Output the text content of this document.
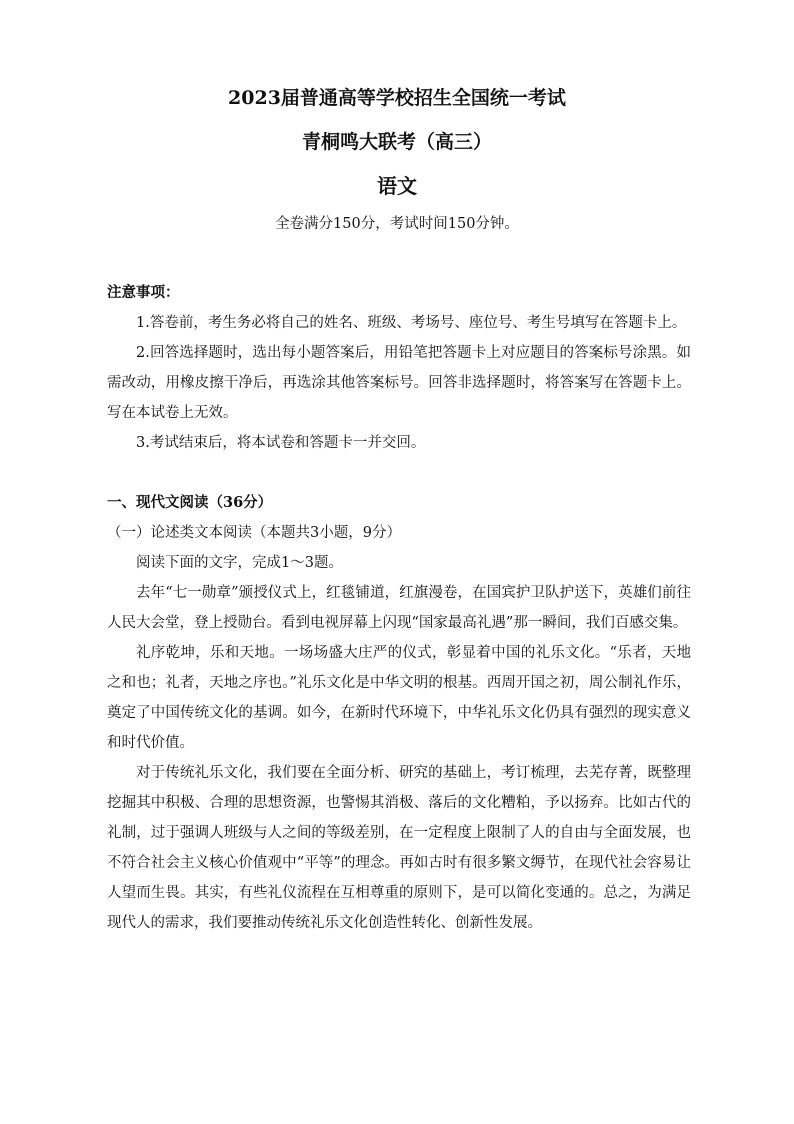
2023届普通高等学校招生全国统一考试
青桐鸣大联考（高三）
语文

全卷满分150分，考试时间150分钟。

注意事项：

1.答卷前，考生务必将自己的姓名、班级、考场号、座位号、考生号填写在答题卡上。

2.回答选择题时，选出每小题答案后，用铅笔把答题卡上对应题目的答案标号涂黑。如需改动，用橡皮擦干净后，再选涂其他答案标号。回答非选择题时，将答案写在答题卡上。写在本试卷上无效。

3.考试结束后，将本试卷和答题卡一并交回。

一、现代文阅读（36分）

（一）论述类文本阅读（本题共3小题，9分）

阅读下面的文字，完成1～3题。

去年“七一勋章”颁授仪式上，红毯铺道，红旗漫卷，在国宾护卫队护送下，英雄们前往人民大会堂，登上授勋台。看到电视屏幕上闪现“国家最高礼遇”那一瞬间，我们百感交集。

礼序乾坤，乐和天地。一场场盛大庄严的仪式，彰显着中国的礼乐文化。“乐者，天地之和也；礼者，天地之序也。”礼乐文化是中华文明的根基。西周开国之初，周公制礼作乐，奠定了中国传统文化的基调。如今，在新时代环境下，中华礼乐文化仍具有强烈的现实意义和时代价值。

对于传统礼乐文化，我们要在全面分析、研究的基础上，考订梳理，去芜存菁，既整理挖掘其中积极、合理的思想资源，也警惕其消极、落后的文化糟粕，予以扬弃。比如古代的礼制，过于强调人班级与人之间的等级差别，在一定程度上限制了人的自由与全面发展，也不符合社会主义核心价值观中“平等”的理念。再如古时有很多繁文缛节，在现代社会容易让人望而生畏。其实，有些礼仪流程在互相尊重的原则下，是可以简化变通的。总之，为满足现代人的需求，我们要推动传统礼乐文化创造性转化、创新性发展。
